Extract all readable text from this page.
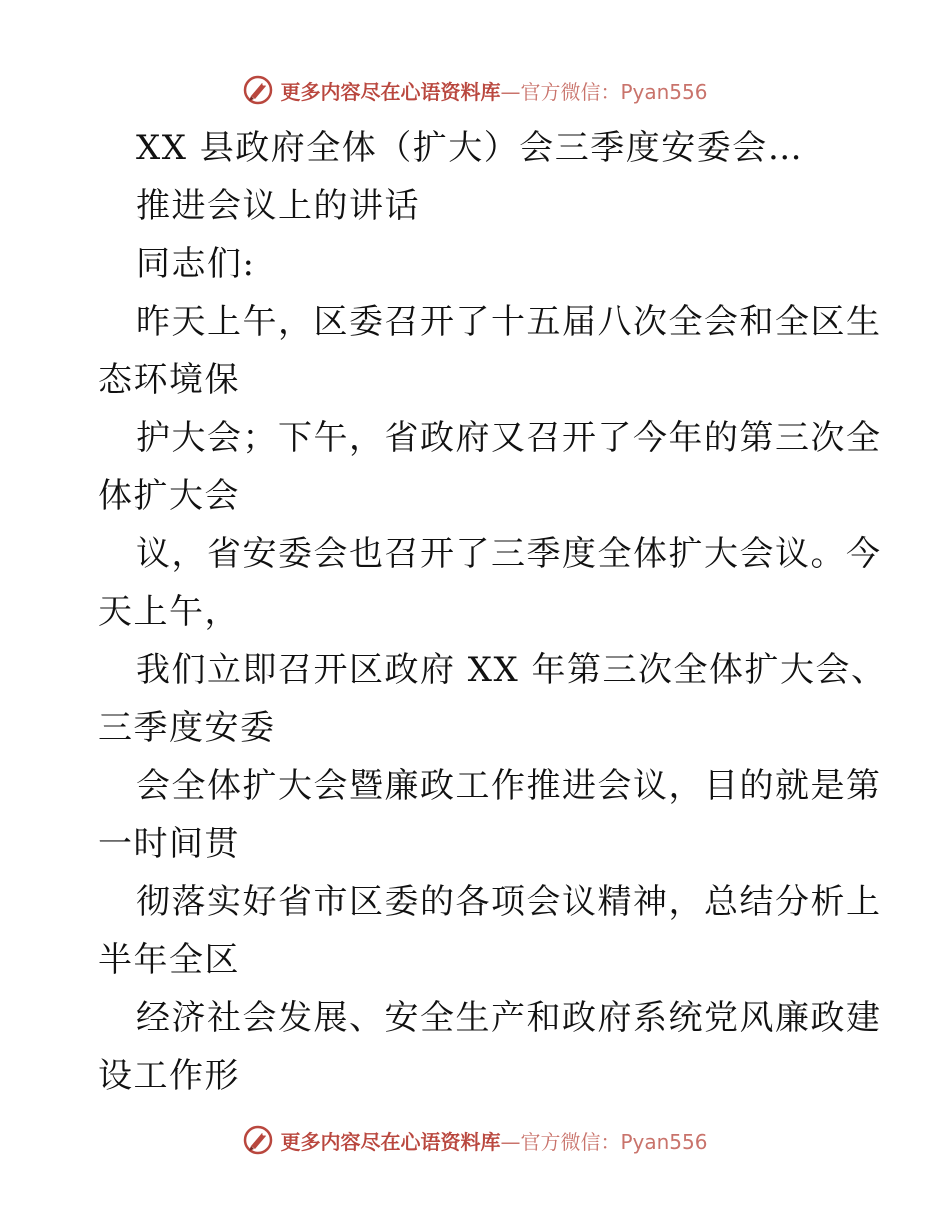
更多内容尽在心语资料库—官方微信：Pyan556
XX 县政府全体（扩大）会三季度安委会…
推进会议上的讲话
同志们:
昨天上午，区委召开了十五届八次全会和全区生
态环境保
护大会；下午，省政府又召开了今年的第三次全
体扩大会
议，省安委会也召开了三季度全体扩大会议。今
天上午，
我们立即召开区政府 XX 年第三次全体扩大会、
三季度安委
会全体扩大会暨廉政工作推进会议，目的就是第
一时间贯
彻落实好省市区委的各项会议精神，总结分析上
半年全区
经济社会发展、安全生产和政府系统党风廉政建
设工作形
更多内容尽在心语资料库—官方微信：Pyan556
